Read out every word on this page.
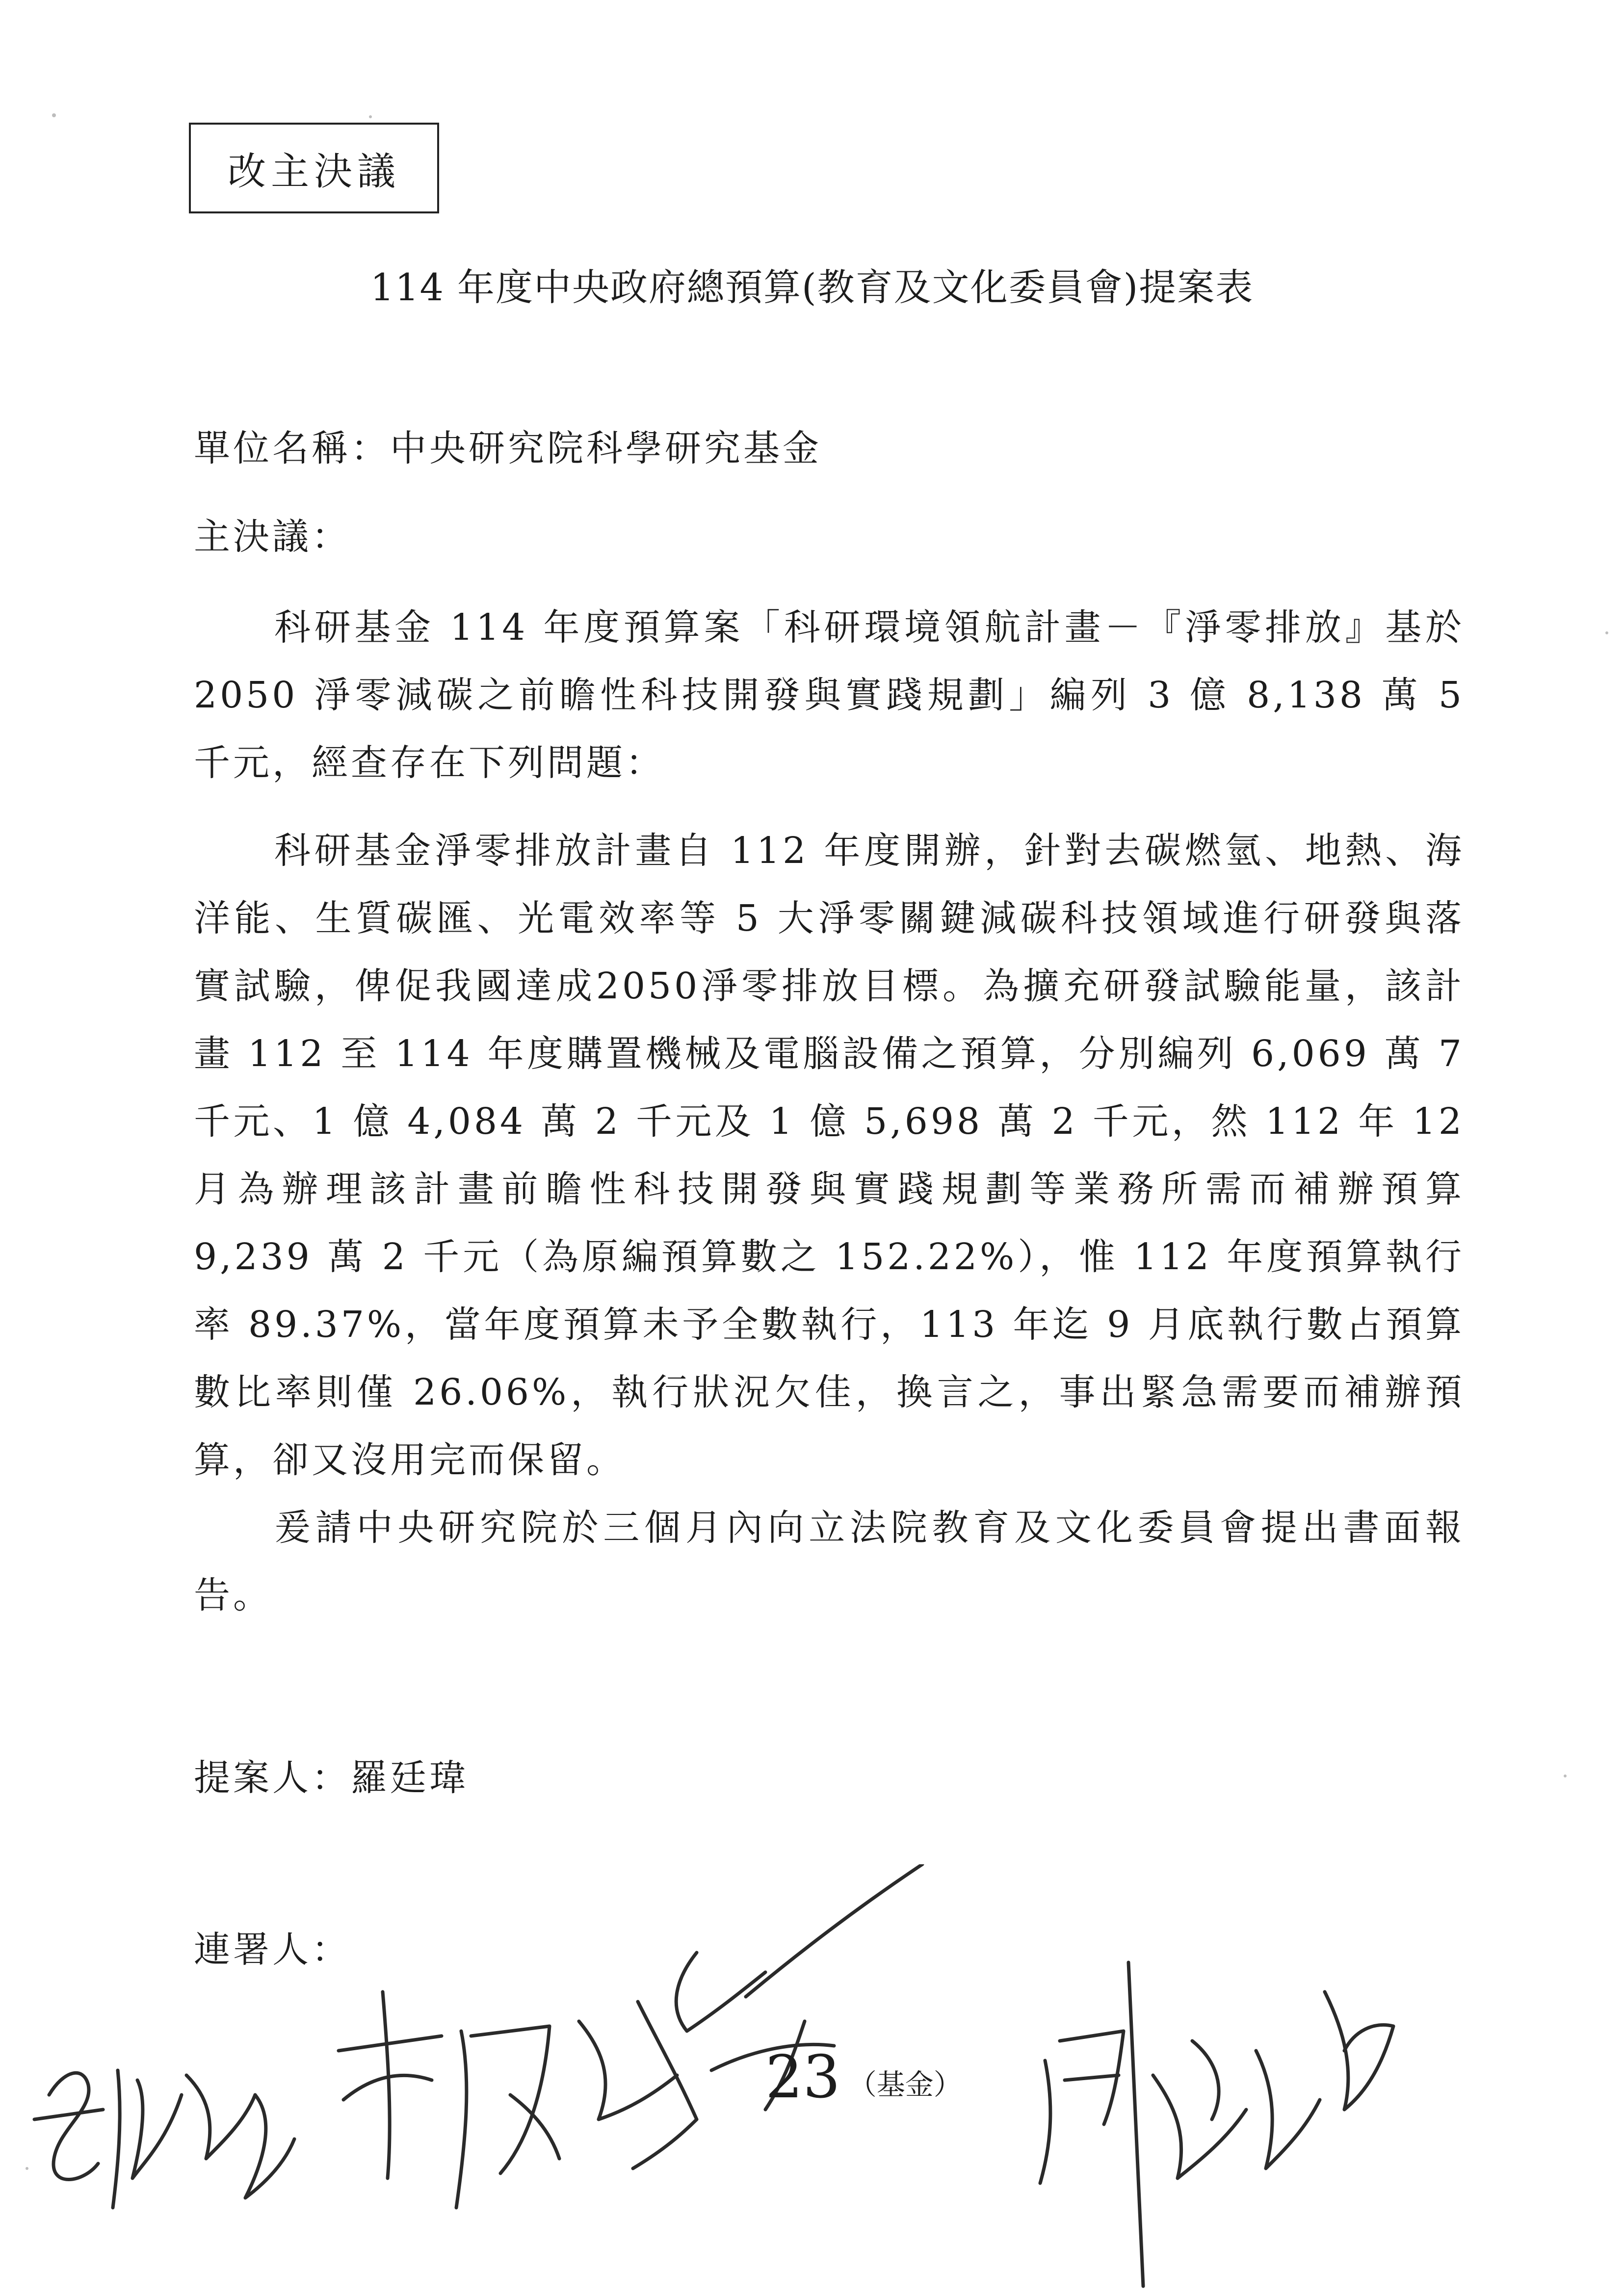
改主決議
114 年度中央政府總預算(教育及文化委員會)提案表
單位名稱：中央研究院科學研究基金
主決議：

科研基金 114 年度預算案「科研環境領航計畫－『淨零排放』基於 2050 淨零減碳之前瞻性科技開發與實踐規劃」編列 3 億 8,138 萬 5 千元，經查存在下列問題：

科研基金淨零排放計畫自 112 年度開辦，針對去碳燃氫、地熱、海洋能、生質碳匯、光電效率等 5 大淨零關鍵減碳科技領域進行研發與落實試驗，俾促我國達成2050淨零排放目標。為擴充研發試驗能量，該計畫 112 至 114 年度購置機械及電腦設備之預算，分別編列 6,069 萬 7 千元、1 億 4,084 萬 2 千元及 1 億 5,698 萬 2 千元，然 112 年 12 月為辦理該計畫前瞻性科技開發與實踐規劃等業務所需而補辦預算 9,239 萬 2 千元（為原編預算數之 152.22%），惟 112 年度預算執行率 89.37%，當年度預算未予全數執行，113 年迄 9 月底執行數占預算數比率則僅 26.06%，執行狀況欠佳，換言之，事出緊急需要而補辦預算，卻又沒用完而保留。

爰請中央研究院於三個月內向立法院教育及文化委員會提出書面報告。

提案人：羅廷瑋
連署人：
23 （基金）
